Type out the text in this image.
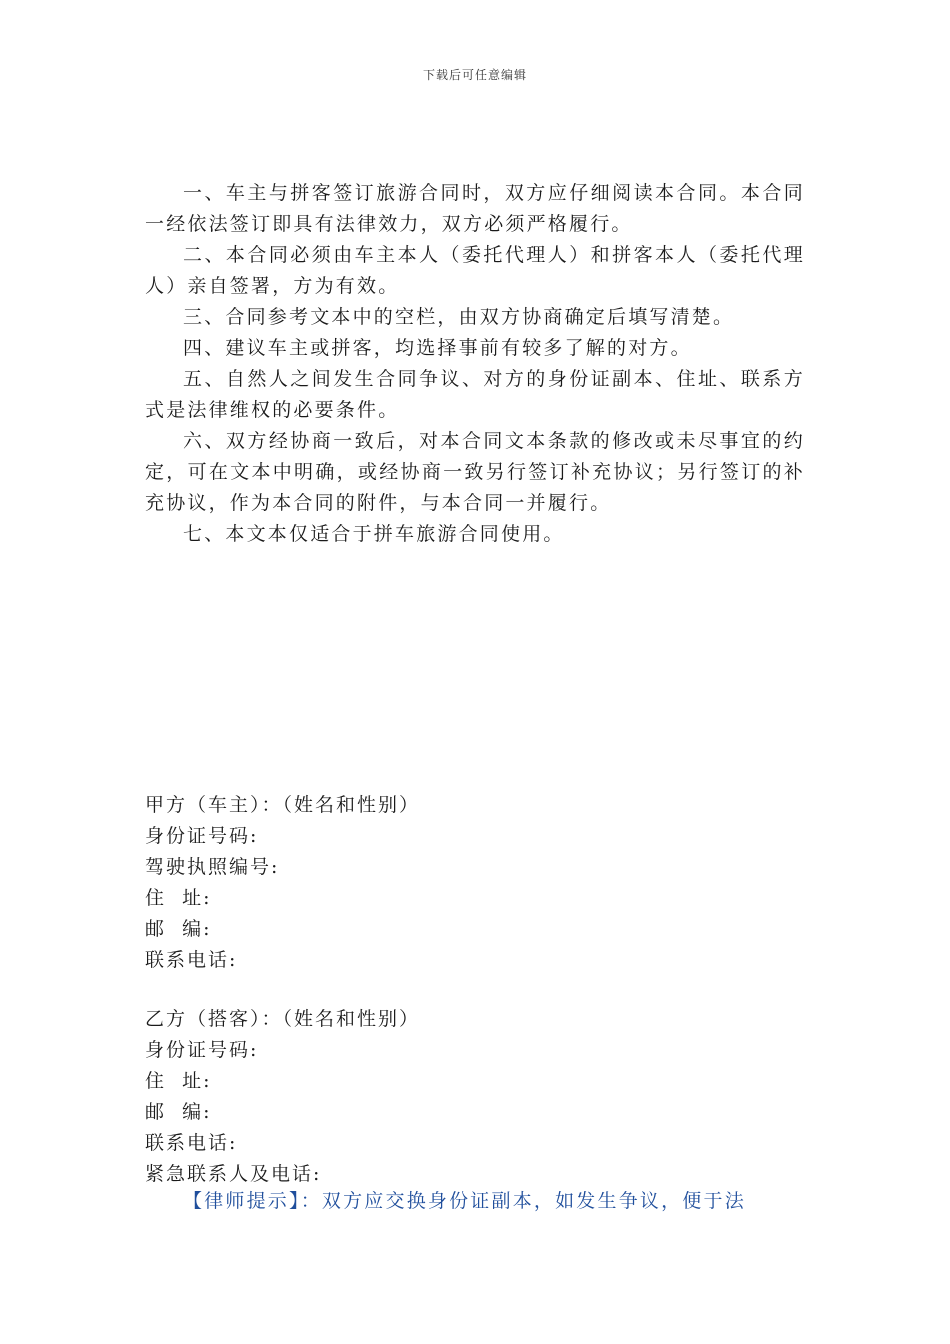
下载后可任意编辑

一、车主与拼客签订旅游合同时，双方应仔细阅读本合同。本合同一经依法签订即具有法律效力，双方必须严格履行。

二、本合同必须由车主本人（委托代理人）和拼客本人（委托代理人）亲自签署，方为有效。

三、合同参考文本中的空栏，由双方协商确定后填写清楚。

四、建议车主或拼客，均选择事前有较多了解的对方。

五、自然人之间发生合同争议、对方的身份证副本、住址、联系方式是法律维权的必要条件。

六、双方经协商一致后，对本合同文本条款的修改或未尽事宜的约定，可在文本中明确，或经协商一致另行签订补充协议；另行签订的补充协议，作为本合同的附件，与本合同一并履行。

七、本文本仅适合于拼车旅游合同使用。

甲方（车主）：（姓名和性别）
身份证号码:
驾驶执照编号:
住  址:
邮  编:
联系电话:
乙方（搭客）：（姓名和性别）
身份证号码:
住  址:
邮  编:
联系电话:
紧急联系人及电话:
【律师提示】：双方应交换身份证副本，如发生争议，便于法
